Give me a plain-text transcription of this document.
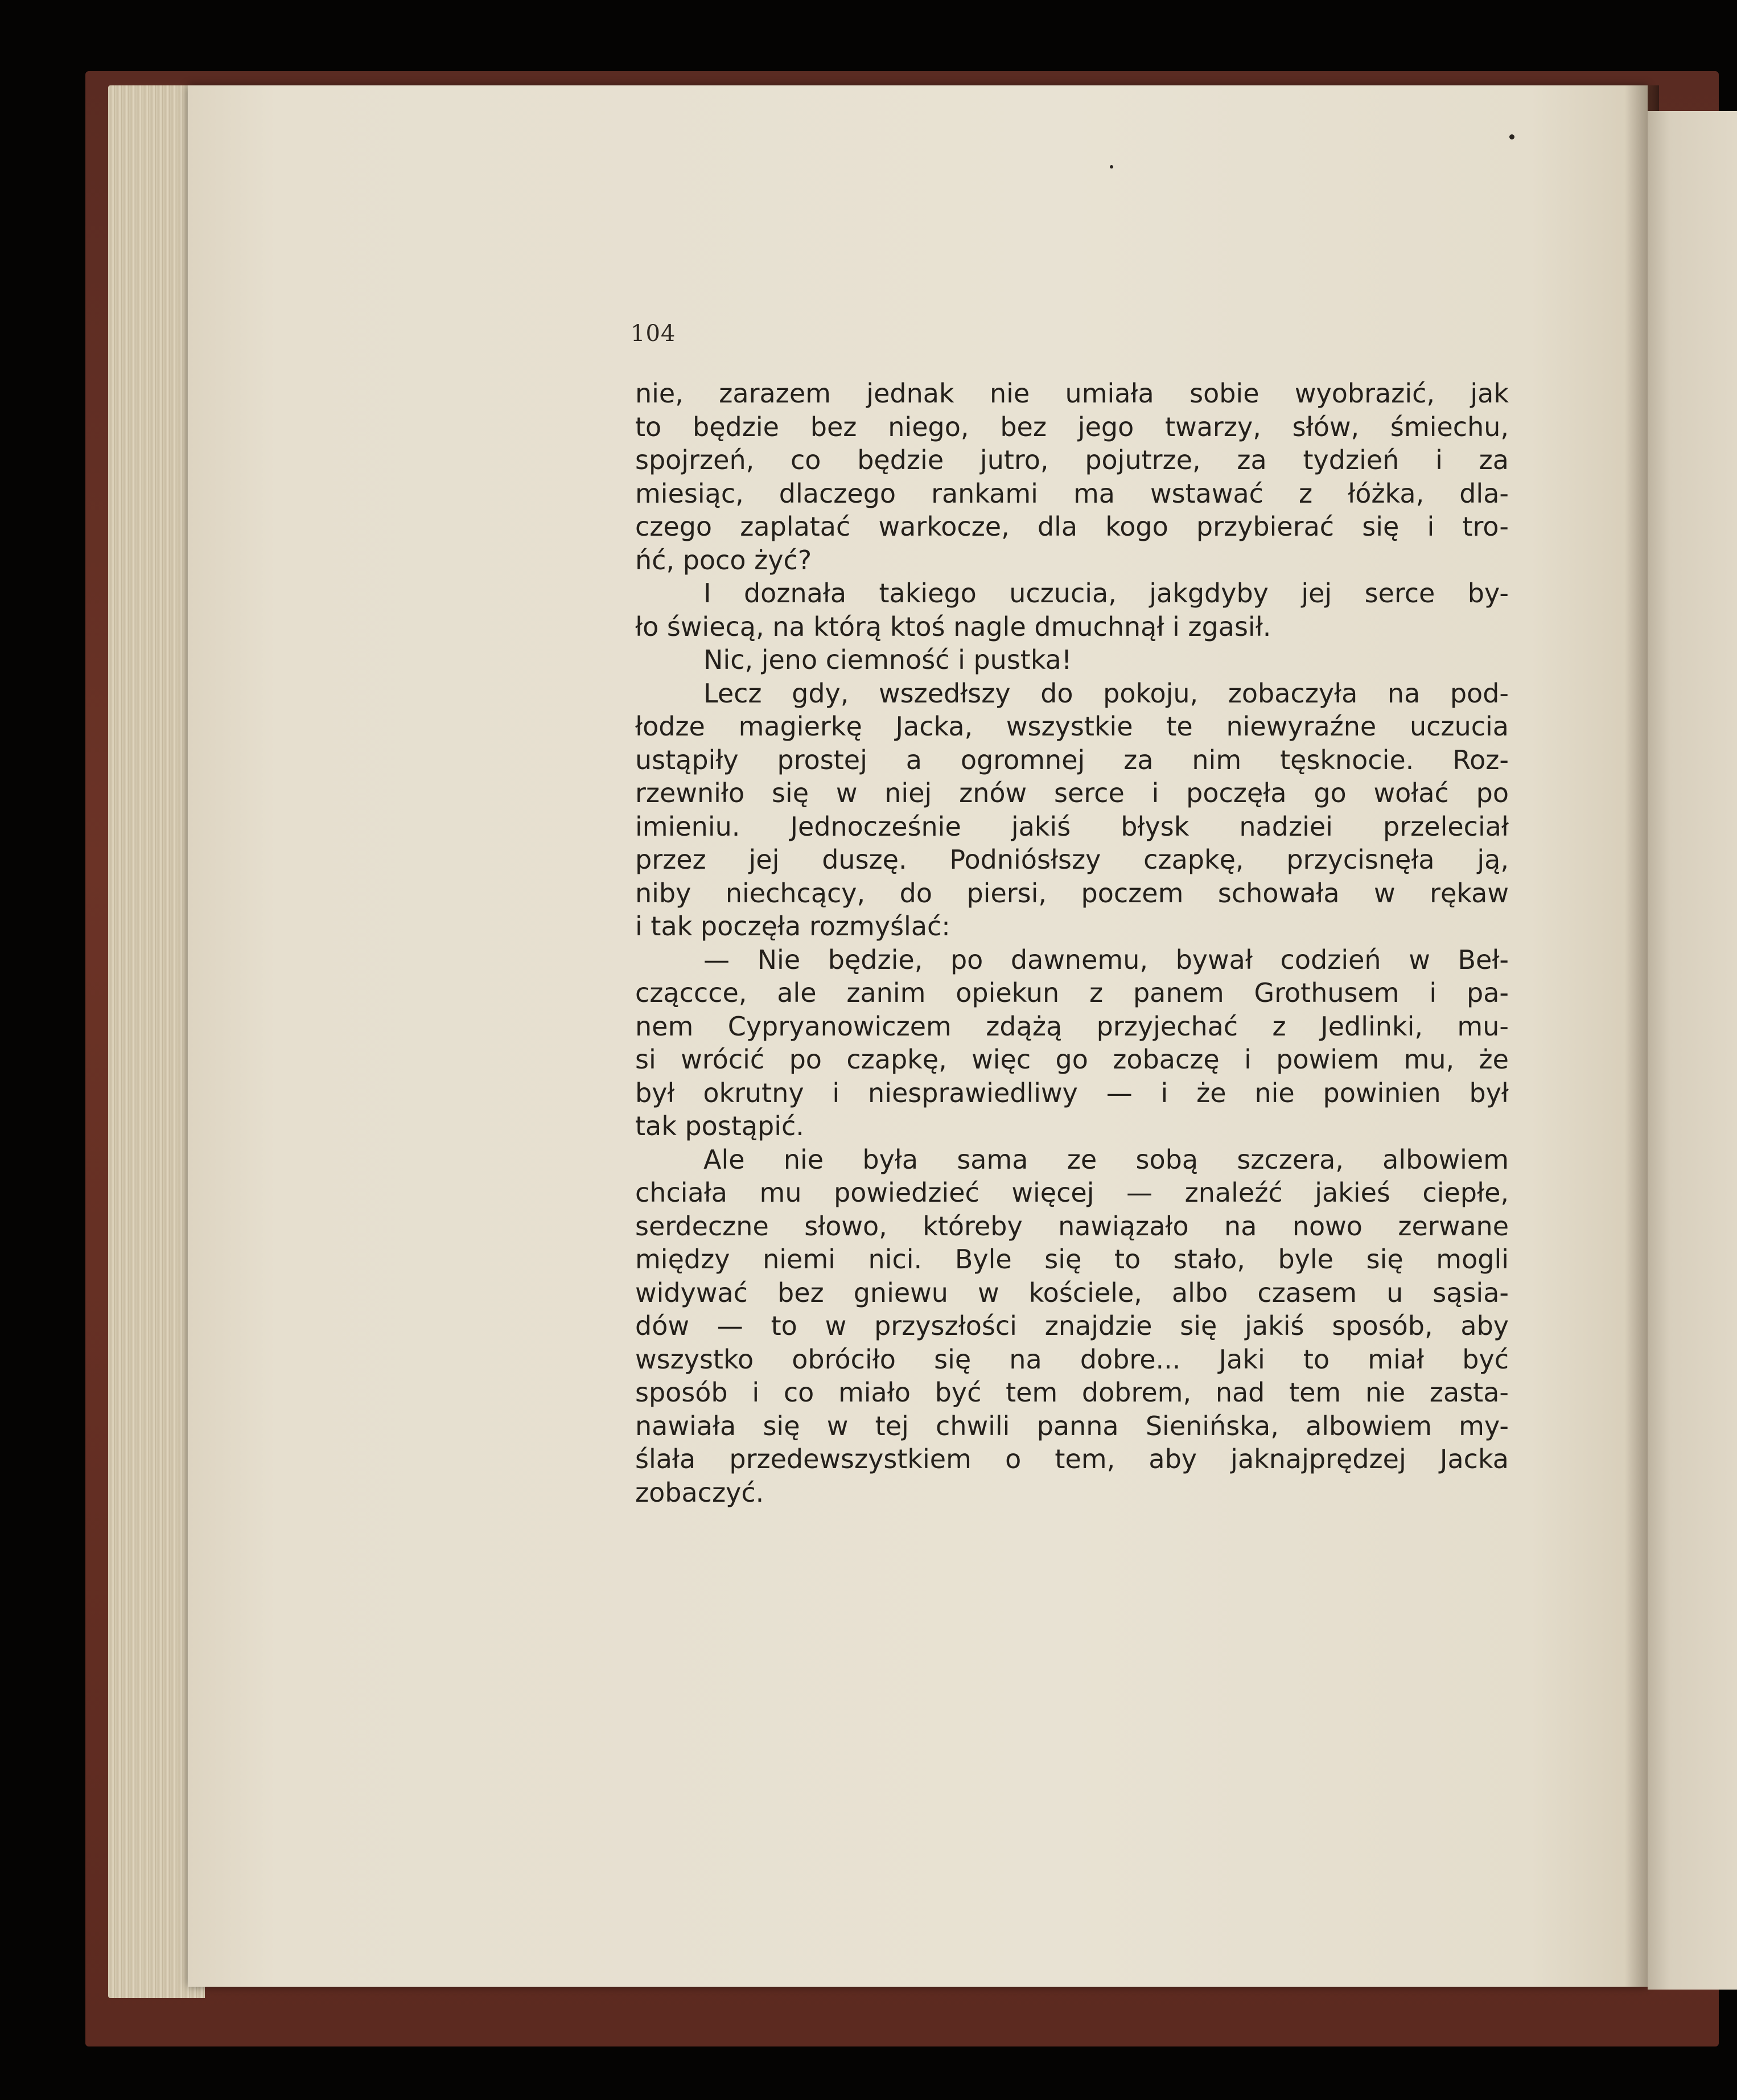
104

nie, zarazem jednak nie umiała sobie wyobrazić, jak
to będzie bez niego, bez jego twarzy, słów, śmiechu,
spojrzeń, co będzie jutro, pojutrze, za tydzień i za
miesiąc, dlaczego rankami ma wstawać z łóżka, dla-
czego zaplatać warkocze, dla kogo przybierać się i tro-
ńć, poco żyć?
I doznała takiego uczucia, jakgdyby jej serce by-
ło świecą, na którą ktoś nagle dmuchnął i zgasił.
Nic, jeno ciemność i pustka!
Lecz gdy, wszedłszy do pokoju, zobaczyła na pod-
łodze magierkę Jacka, wszystkie te niewyraźne uczucia
ustąpiły prostej a ogromnej za nim tęsknocie. Roz-
rzewniło się w niej znów serce i poczęła go wołać po
imieniu. Jednocześnie jakiś błysk nadziei przeleciał
przez jej duszę. Podniósłszy czapkę, przycisnęła ją,
niby niechcący, do piersi, poczem schowała w rękaw
i tak poczęła rozmyślać:
— Nie będzie, po dawnemu, bywał codzień w Beł-
cząccce, ale zanim opiekun z panem Grothusem i pa-
nem Cypryanowiczem zdążą przyjechać z Jedlinki, mu-
si wrócić po czapkę, więc go zobaczę i powiem mu, że
był okrutny i niesprawiedliwy — i że nie powinien był
tak postąpić.
Ale nie była sama ze sobą szczera, albowiem
chciała mu powiedzieć więcej — znaleźć jakieś ciepłe,
serdeczne słowo, któreby nawiązało na nowo zerwane
między niemi nici. Byle się to stało, byle się mogli
widywać bez gniewu w kościele, albo czasem u sąsia-
dów — to w przyszłości znajdzie się jakiś sposób, aby
wszystko obróciło się na dobre... Jaki to miał być
sposób i co miało być tem dobrem, nad tem nie zasta-
nawiała się w tej chwili panna Sienińska, albowiem my-
ślała przedewszystkiem o tem, aby jaknajprędzej Jacka
zobaczyć.
